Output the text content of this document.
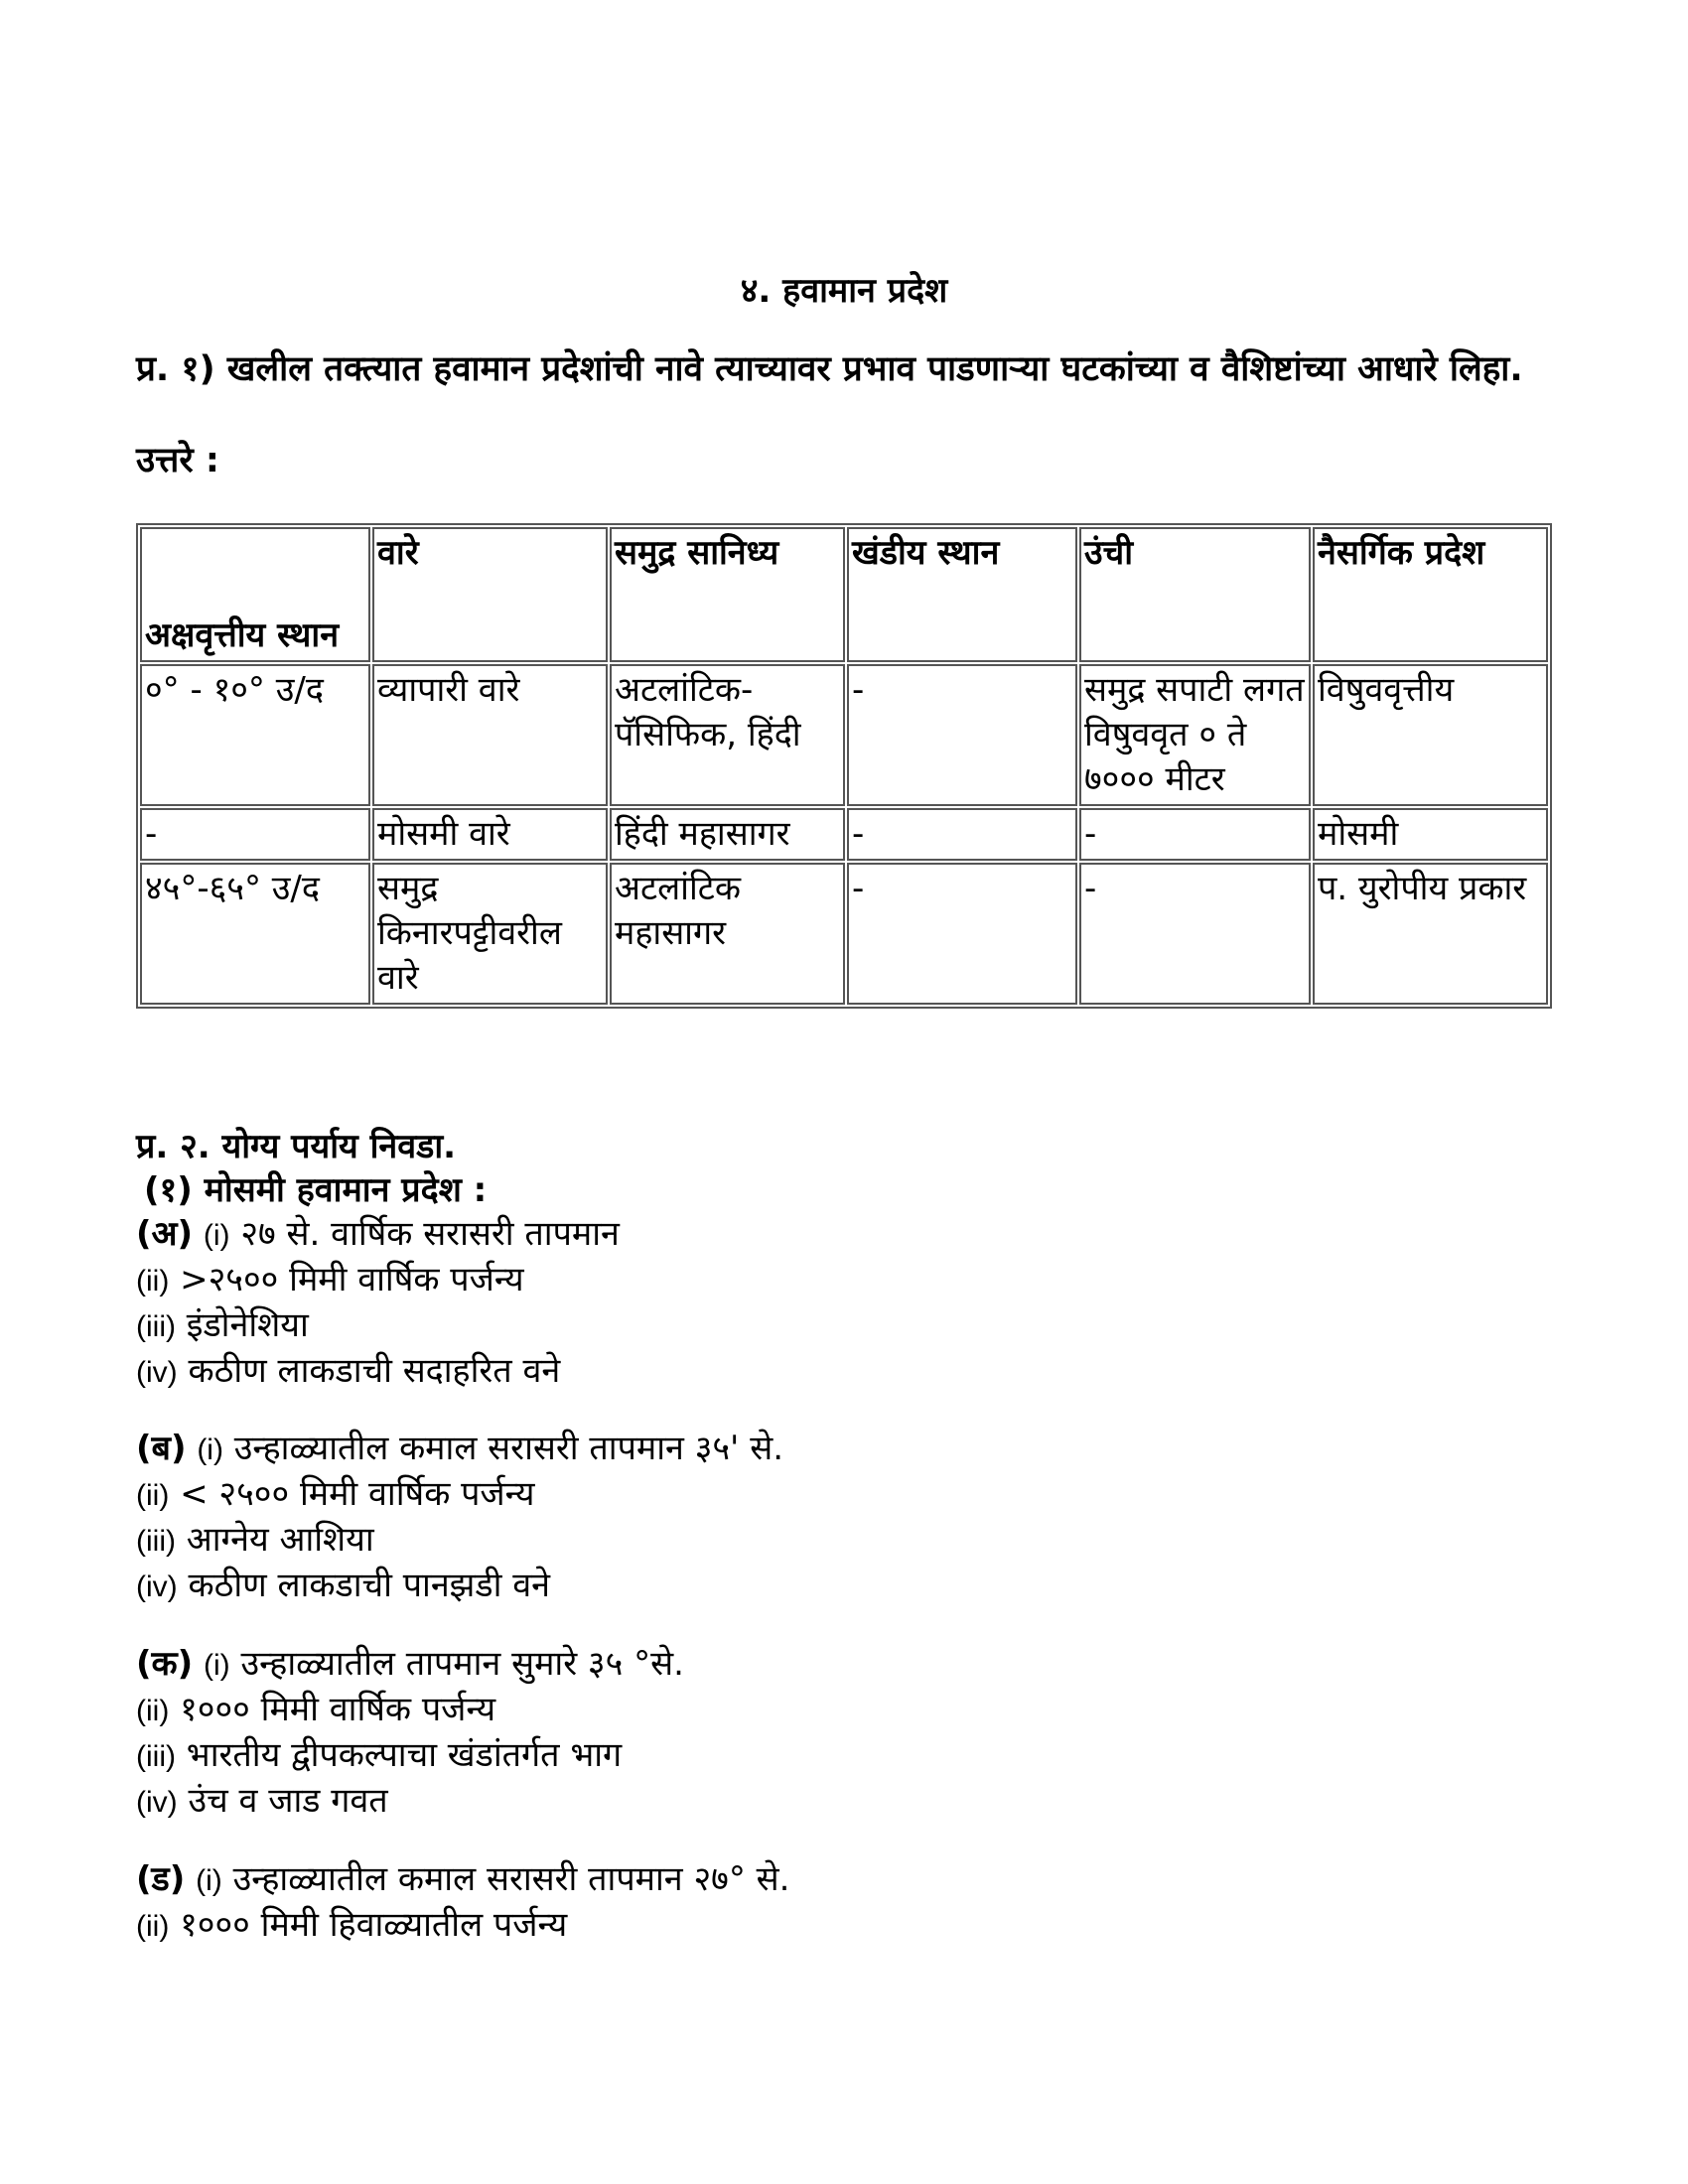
४. हवामान प्रदेश

प्र. १) खलील तक्त्यात हवामान प्रदेशांची नावे त्याच्यावर प्रभाव पाडणाऱ्या घटकांच्या व वैशिष्टांच्या आधारे लिहा.

उत्तरे :

अक्षवृत्तीय स्थान	वारे	समुद्र सानिध्य	खंडीय स्थान	उंची	नैसर्गिक प्रदेश
०° - १०° उ/द	व्यापारी वारे	अटलांटिक- पॅसिफिक, हिंदी	-	समुद्र सपाटी लगत विषुववृत ० ते ७००० मीटर	विषुववृत्तीय
-	मोसमी वारे	हिंदी महासागर	-	-	मोसमी
४५°-६५° उ/द	समुद्र किनारपट्टीवरील वारे	अटलांटिक महासागर	-	-	प. युरोपीय प्रकार

प्र. २. योग्य पर्याय निवडा.

(१) मोसमी हवामान प्रदेश :

(अ) (i) २७ से. वार्षिक सरासरी तापमान

(ii) >२५०० मिमी वार्षिक पर्जन्य

(iii) इंडोनेशिया

(iv) कठीण लाकडाची सदाहरित वने

(ब) (i) उन्हाळ्यातील कमाल सरासरी तापमान ३५' से.

(ii) < २५०० मिमी वार्षिक पर्जन्य

(iii) आग्नेय आशिया

(iv) कठीण लाकडाची पानझडी वने

(क) (i) उन्हाळ्यातील तापमान सुमारे ३५ °से.

(ii) १००० मिमी वार्षिक पर्जन्य

(iii) भारतीय द्वीपकल्पाचा खंडांतर्गत भाग

(iv) उंच व जाड गवत

(ड) (i) उन्हाळ्यातील कमाल सरासरी तापमान २७° से.

(ii) १००० मिमी हिवाळ्यातील पर्जन्य
